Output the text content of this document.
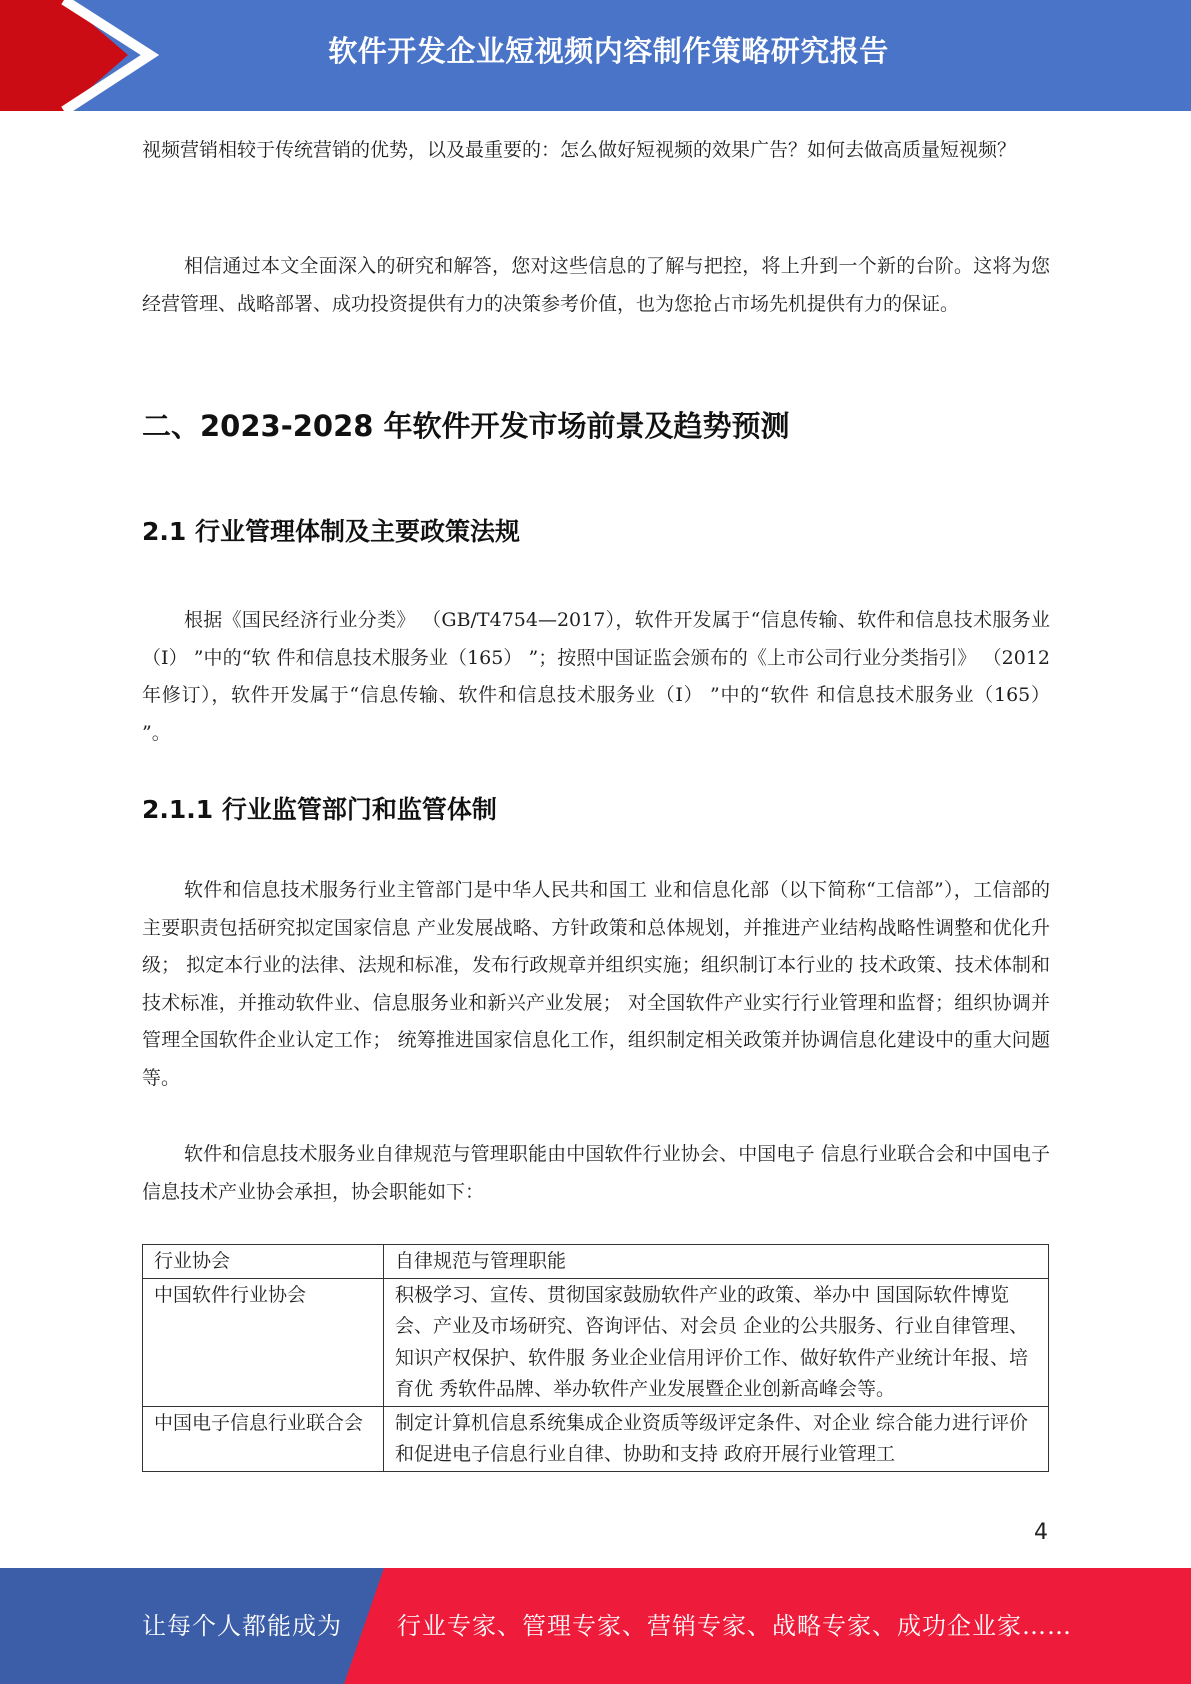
软件开发企业短视频内容制作策略研究报告

视频营销相较于传统营销的优势，以及最重要的：怎么做好短视频的效果广告？如何去做高质量短视频？

相信通过本文全面深入的研究和解答，您对这些信息的了解与把控，将上升到一个新的台阶。这将为您经营管理、战略部署、成功投资提供有力的决策参考价值，也为您抢占市场先机提供有力的保证。

二、2023-2028 年软件开发市场前景及趋势预测
2.1 行业管理体制及主要政策法规

根据《国民经济行业分类》 （GB/T4754—2017），软件开发属于“信息传输、软件和信息技术服务业（I） ”中的“软 件和信息技术服务业（165） ”；按照中国证监会颁布的《上市公司行业分类指引》 （2012 年修订），软件开发属于“信息传输、软件和信息技术服务业（I） ”中的“软件 和信息技术服务业（165） ”。

2.1.1 行业监管部门和监管体制

软件和信息技术服务行业主管部门是中华人民共和国工 业和信息化部（以下简称“工信部”），工信部的主要职责包括研究拟定国家信息 产业发展战略、方针政策和总体规划，并推进产业结构战略性调整和优化升级； 拟定本行业的法律、法规和标准，发布行政规章并组织实施；组织制订本行业的 技术政策、技术体制和技术标准，并推动软件业、信息服务业和新兴产业发展； 对全国软件产业实行行业管理和监督；组织协调并管理全国软件企业认定工作； 统筹推进国家信息化工作，组织制定相关政策并协调信息化建设中的重大问题 等。

软件和信息技术服务业自律规范与管理职能由中国软件行业协会、中国电子 信息行业联合会和中国电子信息技术产业协会承担，协会职能如下：

行业协会	自律规范与管理职能
中国软件行业协会	积极学习、宣传、贯彻国家鼓励软件产业的政策、举办中 国国际软件博览会、产业及市场研究、咨询评估、对会员 企业的公共服务、行业自律管理、知识产权保护、软件服 务业企业信用评价工作、做好软件产业统计年报、培育优 秀软件品牌、举办软件产业发展暨企业创新高峰会等。
中国电子信息行业联合会	制定计算机信息系统集成企业资质等级评定条件、对企业 综合能力进行评价和促进电子信息行业自律、协助和支持 政府开展行业管理工
4
让每个人都能成为 行业专家、管理专家、营销专家、战略专家、成功企业家……
